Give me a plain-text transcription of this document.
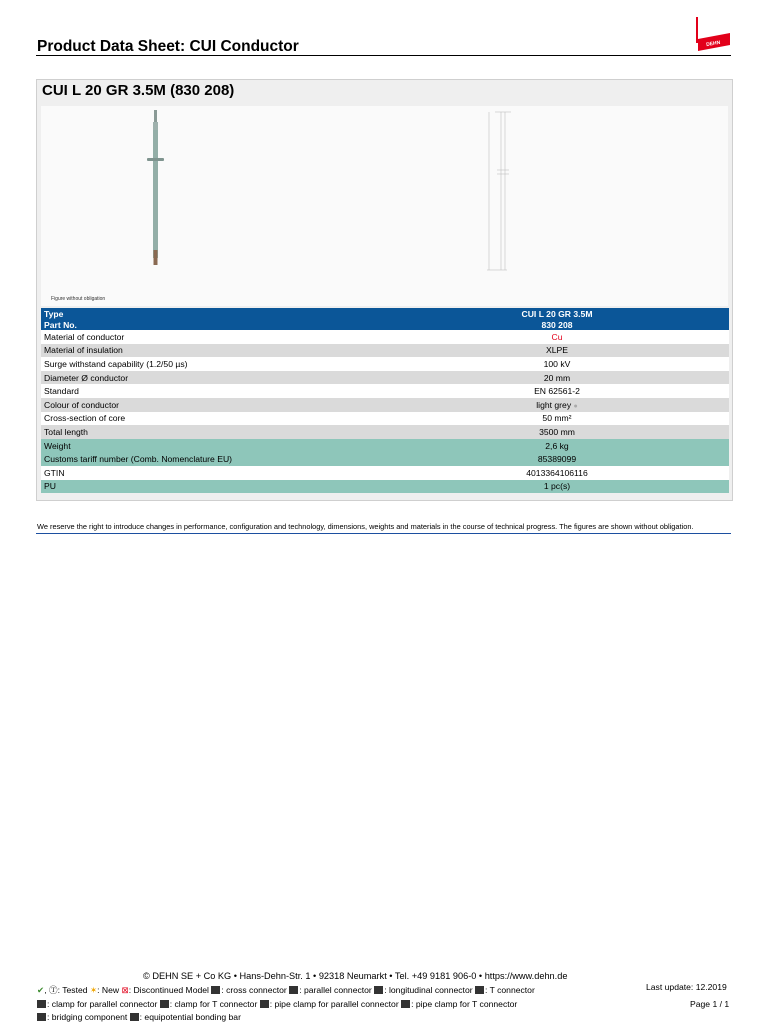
Product Data Sheet: CUI Conductor	DEHN
CUI L 20 GR 3.5M (830 208)
Figure without obligation
Type	CUI L 20 GR 3.5M
Part No.	830 208
Material of conductor	Cu
Material of insulation	XLPE
Surge withstand capability (1.2/50 µs)	100 kV
Diameter Ø conductor	20 mm
Standard	EN 62561-2
Colour of conductor	light grey ●
Cross-section of core	50 mm²
Total length	3500 mm
Weight	2,6 kg
Customs tariff number (Comb. Nomenclature EU)	85389099
GTIN	4013364106116
PU	1 pc(s)
We reserve the right to introduce changes in performance, configuration and technology, dimensions, weights and materials in the course of technical progress. The figures are shown without obligation.
© DEHN SE + Co KG • Hans-Dehn-Str. 1 • 92318 Neumarkt • Tel. +49 9181 906-0 • https://www.dehn.de
✔, Ⓣ: Tested ✶: New ⊠: Discontinued Model : cross connector : parallel connector : longitudinal connector : T connector
: clamp for parallel connector : clamp for T connector : pipe clamp for parallel connector : pipe clamp for T connector
: bridging component : equipotential bonding bar
Last update: 12.2019
Page 1 / 1
